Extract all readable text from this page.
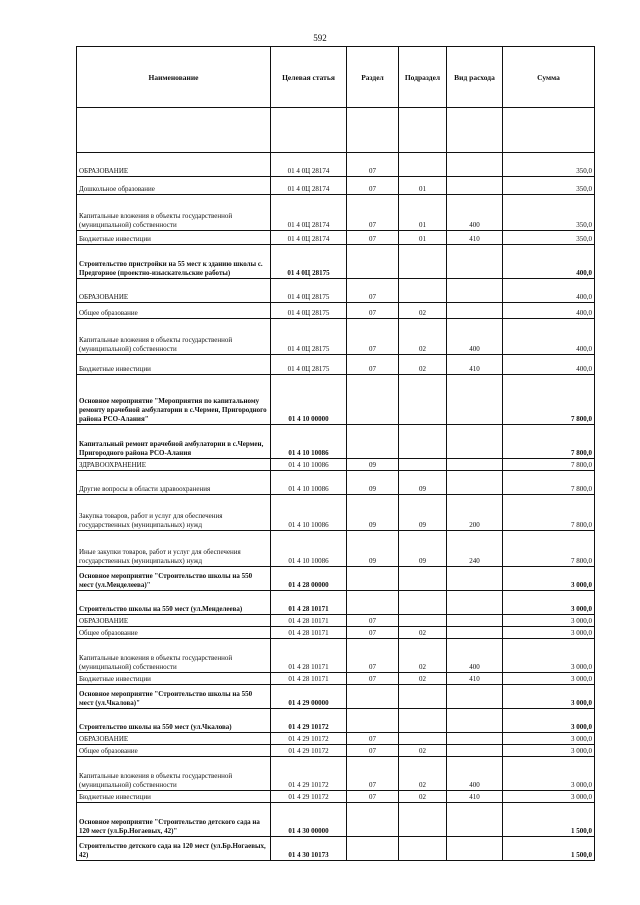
592
Наименование	Целевая статья	Раздел	Подраздел	Вид расхода	Сумма

ОБРАЗОВАНИЕ	01 4 0Ц 28174	07			350,0
Дошкольное образование	01 4 0Ц 28174	07	01		350,0
Капитальные вложения в объекты государственной (муниципальной) собственности	01 4 0Ц 28174	07	01	400	350,0
Бюджетные инвестиции	01 4 0Ц 28174	07	01	410	350,0
Строительство пристройки на 55 мест к зданию школы с. Предгорное (проектно-изыскательские работы)	01 4 0Ц 28175				400,0
ОБРАЗОВАНИЕ	01 4 0Ц 28175	07			400,0
Общее образование	01 4 0Ц 28175	07	02		400,0
Капитальные вложения в объекты государственной (муниципальной) собственности	01 4 0Ц 28175	07	02	400	400,0
Бюджетные инвестиции	01 4 0Ц 28175	07	02	410	400,0
Основное мероприятие "Мероприятия по капитальному ремонту врачебной амбулатории в с.Чермен, Пригородного района РСО-Алания"	01 4 10 00000				7 800,0
Капитальный ремонт врачебной амбулатории в с.Чермен, Пригородного района РСО-Алания	01 4 10 10086				7 800,0
ЗДРАВООХРАНЕНИЕ	01 4 10 10086	09			7 800,0
Другие вопросы в области здравоохранения	01 4 10 10086	09	09		7 800,0
Закупка товаров, работ и услуг для обеспечения государственных (муниципальных) нужд	01 4 10 10086	09	09	200	7 800,0
Иные закупки товаров, работ и услуг для обеспечения государственных (муниципальных) нужд	01 4 10 10086	09	09	240	7 800,0
Основное мероприятие "Строительство школы на 550 мест (ул.Менделеева)"	01 4 28 00000				3 000,0
Строительство школы на 550 мест (ул.Менделеева)	01 4 28 10171				3 000,0
ОБРАЗОВАНИЕ	01 4 28 10171	07			3 000,0
Общее образование	01 4 28 10171	07	02		3 000,0
Капитальные вложения в объекты государственной (муниципальной) собственности	01 4 28 10171	07	02	400	3 000,0
Бюджетные инвестиции	01 4 28 10171	07	02	410	3 000,0
Основное мероприятие "Строительство школы на 550 мест (ул.Чкалова)"	01 4 29 00000				3 000,0
Строительство школы на 550 мест (ул.Чкалова)	01 4 29 10172				3 000,0
ОБРАЗОВАНИЕ	01 4 29 10172	07			3 000,0
Общее образование	01 4 29 10172	07	02		3 000,0
Капитальные вложения в объекты государственной (муниципальной) собственности	01 4 29 10172	07	02	400	3 000,0
Бюджетные инвестиции	01 4 29 10172	07	02	410	3 000,0
Основное мероприятие "Строительство детского сада на 120 мест (ул.Бр.Ногаевых, 42)"	01 4 30 00000				1 500,0
Строительство детского сада на 120 мест (ул.Бр.Ногаевых, 42)	01 4 30 10173				1 500,0
